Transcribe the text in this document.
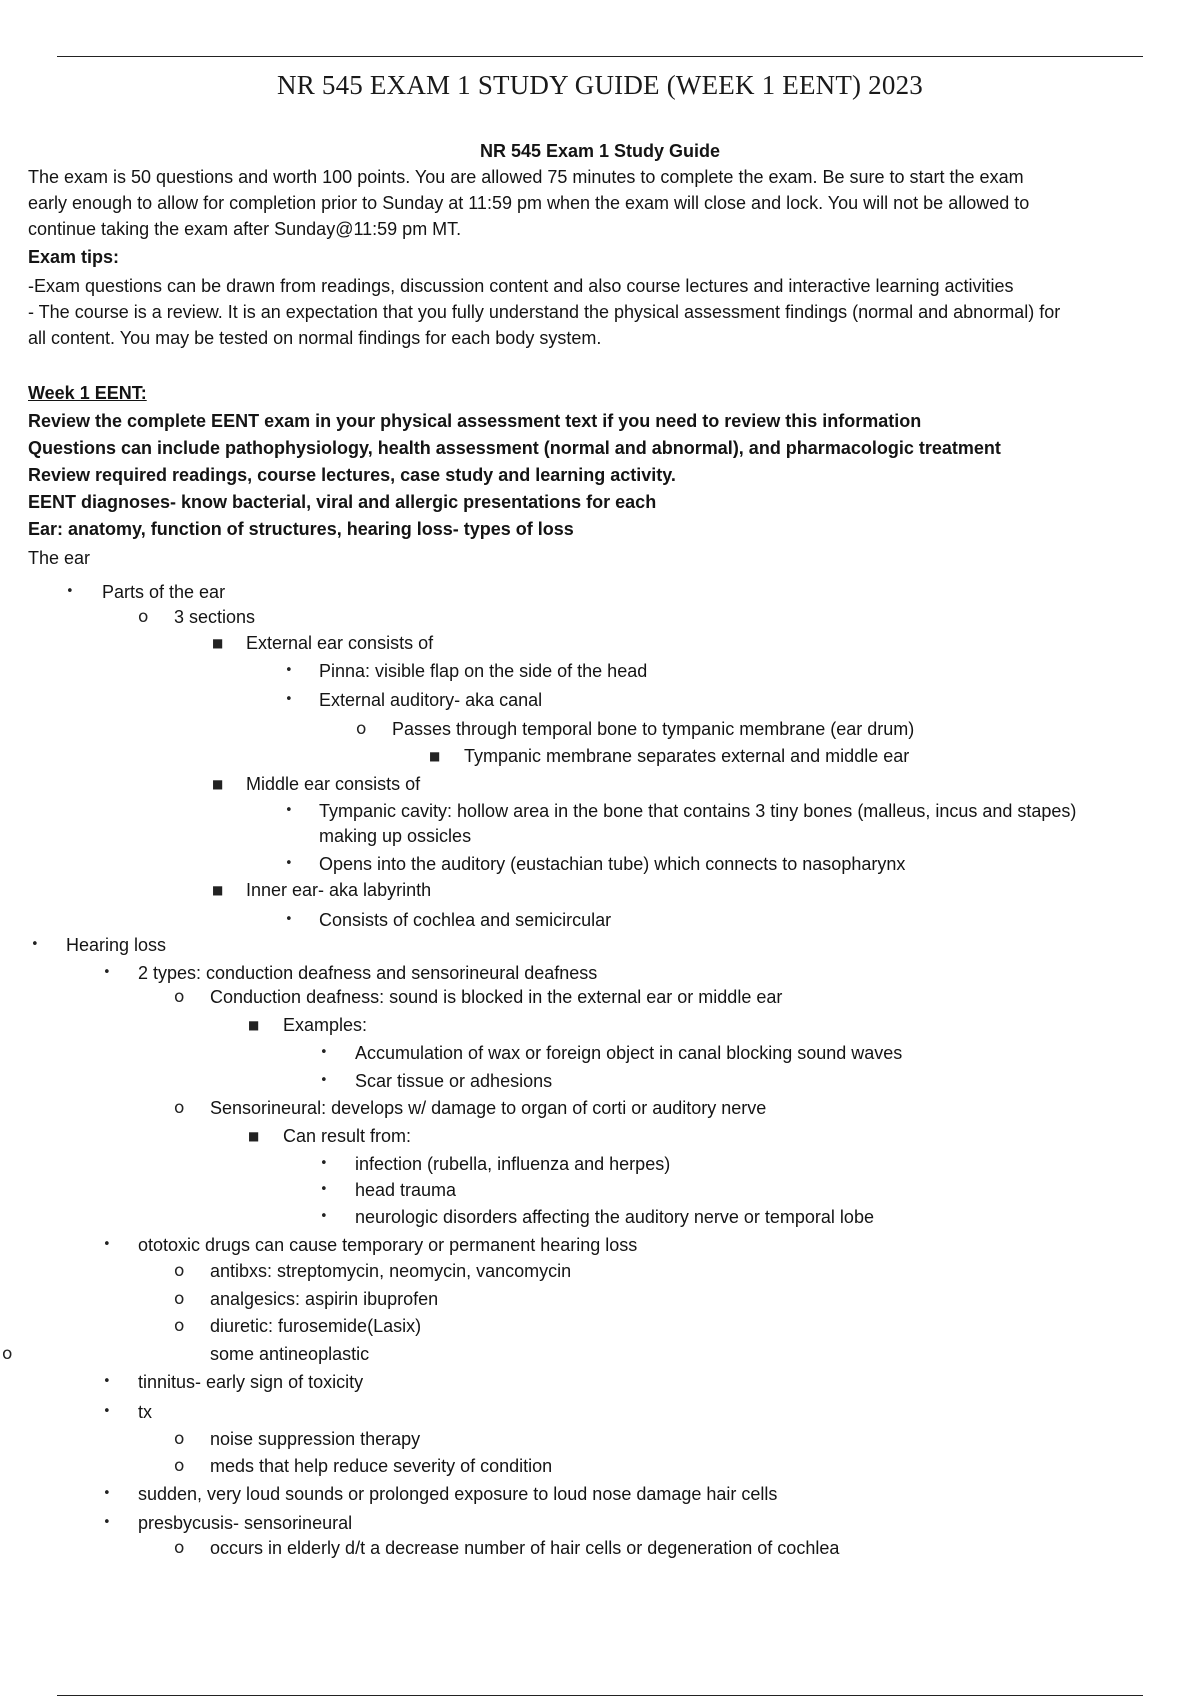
NR 545 EXAM 1 STUDY GUIDE (WEEK 1 EENT) 2023
NR 545 Exam 1 Study Guide
The exam is 50 questions and worth 100 points. You are allowed 75 minutes to complete the exam. Be sure to start the exam
early enough to allow for completion prior to Sunday at 11:59 pm when the exam will close and lock. You will not be allowed to
continue taking the exam after Sunday@11:59 pm MT.
Exam tips:
-Exam questions can be drawn from readings, discussion content and also course lectures and interactive learning activities
- The course is a review. It is an expectation that you fully understand the physical assessment findings (normal and abnormal) for
all content. You may be tested on normal findings for each body system.
Week 1 EENT:
Review the complete EENT exam in your physical assessment text if you need to review this information
Questions can include pathophysiology, health assessment (normal and abnormal), and pharmacologic treatment
Review required readings, course lectures, case study and learning activity.
EENT diagnoses- know bacterial, viral and allergic presentations for each
Ear: anatomy, function of structures, hearing loss- types of loss
The ear
• Parts of the ear
o 3 sections
■ External ear consists of
• Pinna: visible flap on the side of the head
• External auditory- aka canal
o Passes through temporal bone to tympanic membrane (ear drum)
■ Tympanic membrane separates external and middle ear
■ Middle ear consists of
• Tympanic cavity: hollow area in the bone that contains 3 tiny bones (malleus, incus and stapes)
making up ossicles
• Opens into the auditory (eustachian tube) which connects to nasopharynx
■ Inner ear- aka labyrinth
• Consists of cochlea and semicircular
• Hearing loss
• 2 types: conduction deafness and sensorineural deafness
o Conduction deafness: sound is blocked in the external ear or middle ear
■ Examples:
• Accumulation of wax or foreign object in canal blocking sound waves
• Scar tissue or adhesions
o Sensorineural: develops w/ damage to organ of corti or auditory nerve
■ Can result from:
• infection (rubella, influenza and herpes)
• head trauma
• neurologic disorders affecting the auditory nerve or temporal lobe
• ototoxic drugs can cause temporary or permanent hearing loss
o antibxs: streptomycin, neomycin, vancomycin
o analgesics: aspirin ibuprofen
o diuretic: furosemide(Lasix)
o	some antineoplastic
• tinnitus- early sign of toxicity
• tx
o noise suppression therapy
o meds that help reduce severity of condition
• sudden, very loud sounds or prolonged exposure to loud nose damage hair cells
• presbycusis- sensorineural
o occurs in elderly d/t a decrease number of hair cells or degeneration of cochlea
